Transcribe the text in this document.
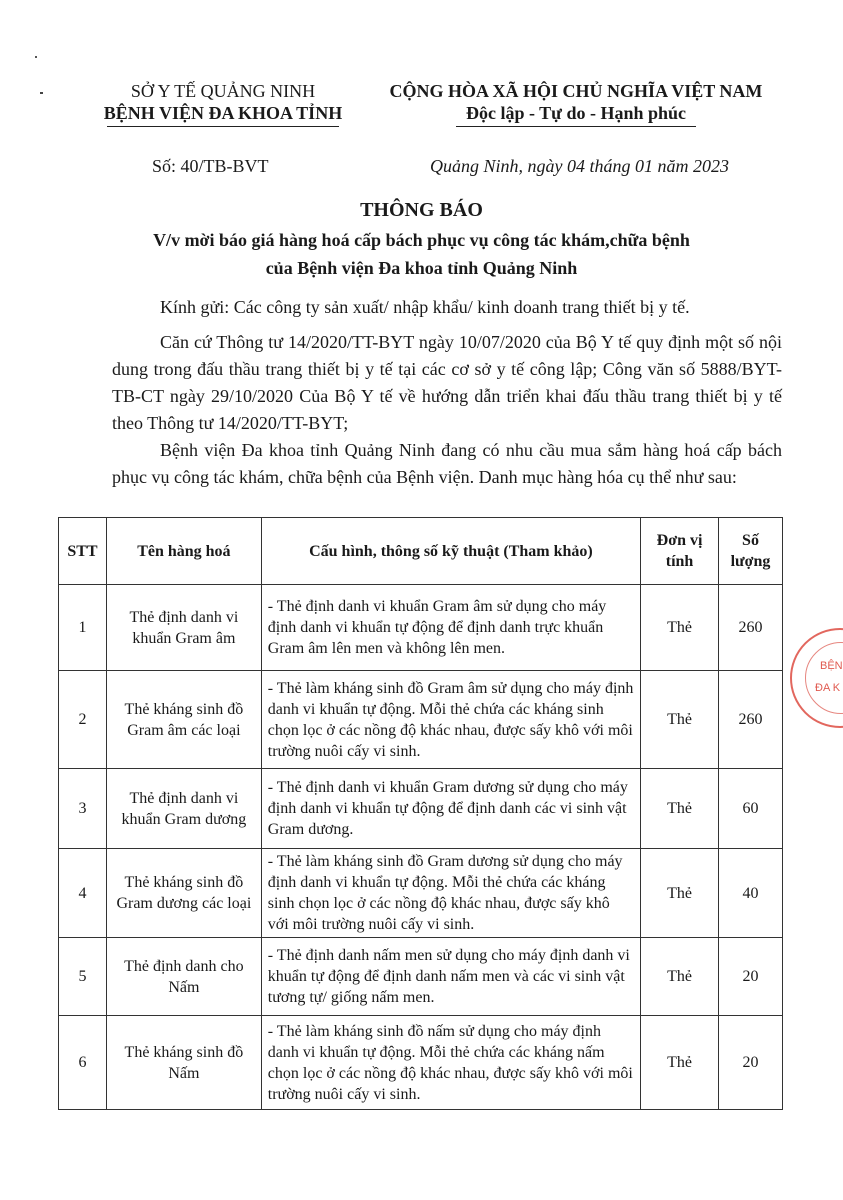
SỞ Y TẾ QUẢNG NINH
BỆNH VIỆN ĐA KHOA TỈNH
CỘNG HÒA XÃ HỘI CHỦ NGHĨA VIỆT NAM
Độc lập - Tự do - Hạnh phúc
Số: 40/TB-BVT	Quảng Ninh, ngày 04 tháng 01 năm 2023
THÔNG BÁO
V/v mời báo giá hàng hoá cấp bách phục vụ công tác khám,chữa bệnh
của Bệnh viện Đa khoa tỉnh Quảng Ninh
Kính gửi: Các công ty sản xuất/ nhập khẩu/ kinh doanh trang thiết bị y tế.
Căn cứ Thông tư 14/2020/TT-BYT ngày 10/07/2020 của Bộ Y tế quy định một số nội dung trong đấu thầu trang thiết bị y tế tại các cơ sở y tế công lập; Công văn số 5888/BYT-TB-CT ngày 29/10/2020 Của Bộ Y tế về hướng dẫn triển khai đấu thầu trang thiết bị y tế theo Thông tư 14/2020/TT-BYT;
Bệnh viện Đa khoa tỉnh Quảng Ninh đang có nhu cầu mua sắm hàng hoá cấp bách phục vụ công tác khám, chữa bệnh của Bệnh viện. Danh mục hàng hóa cụ thể như sau:
STT	Tên hàng hoá	Cấu hình, thông số kỹ thuật (Tham khảo)	Đơn vị tính	Số lượng
1	Thẻ định danh vi khuẩn Gram âm	- Thẻ định danh vi khuẩn Gram âm sử dụng cho máy định danh vi khuẩn tự động để định danh trực khuẩn Gram âm lên men và không lên men.	Thẻ	260
2	Thẻ kháng sinh đồ Gram âm các loại	- Thẻ làm kháng sinh đồ Gram âm sử dụng cho máy định danh vi khuẩn tự động. Mỗi thẻ chứa các kháng sinh chọn lọc ở các nồng độ khác nhau, được sấy khô với môi trường nuôi cấy vi sinh.	Thẻ	260
3	Thẻ định danh vi khuẩn Gram dương	- Thẻ định danh vi khuẩn Gram dương sử dụng cho máy định danh vi khuẩn tự động để định danh các vi sinh vật Gram dương.	Thẻ	60
4	Thẻ kháng sinh đồ Gram dương các loại	- Thẻ làm kháng sinh đồ Gram dương sử dụng cho máy định danh vi khuẩn tự động. Mỗi thẻ chứa các kháng sinh chọn lọc ở các nồng độ khác nhau, được sấy khô với môi trường nuôi cấy vi sinh.	Thẻ	40
5	Thẻ định danh cho Nấm	- Thẻ định danh nấm men sử dụng cho máy định danh vi khuẩn tự động để định danh nấm men và các vi sinh vật tương tự/ giống nấm men.	Thẻ	20
6	Thẻ kháng sinh đồ Nấm	- Thẻ làm kháng sinh đồ nấm sử dụng cho máy định danh vi khuẩn tự động. Mỗi thẻ chứa các kháng nấm chọn lọc ở các nồng độ khác nhau, được sấy khô với môi trường nuôi cấy vi sinh.	Thẻ	20
BỆN
ĐA K
